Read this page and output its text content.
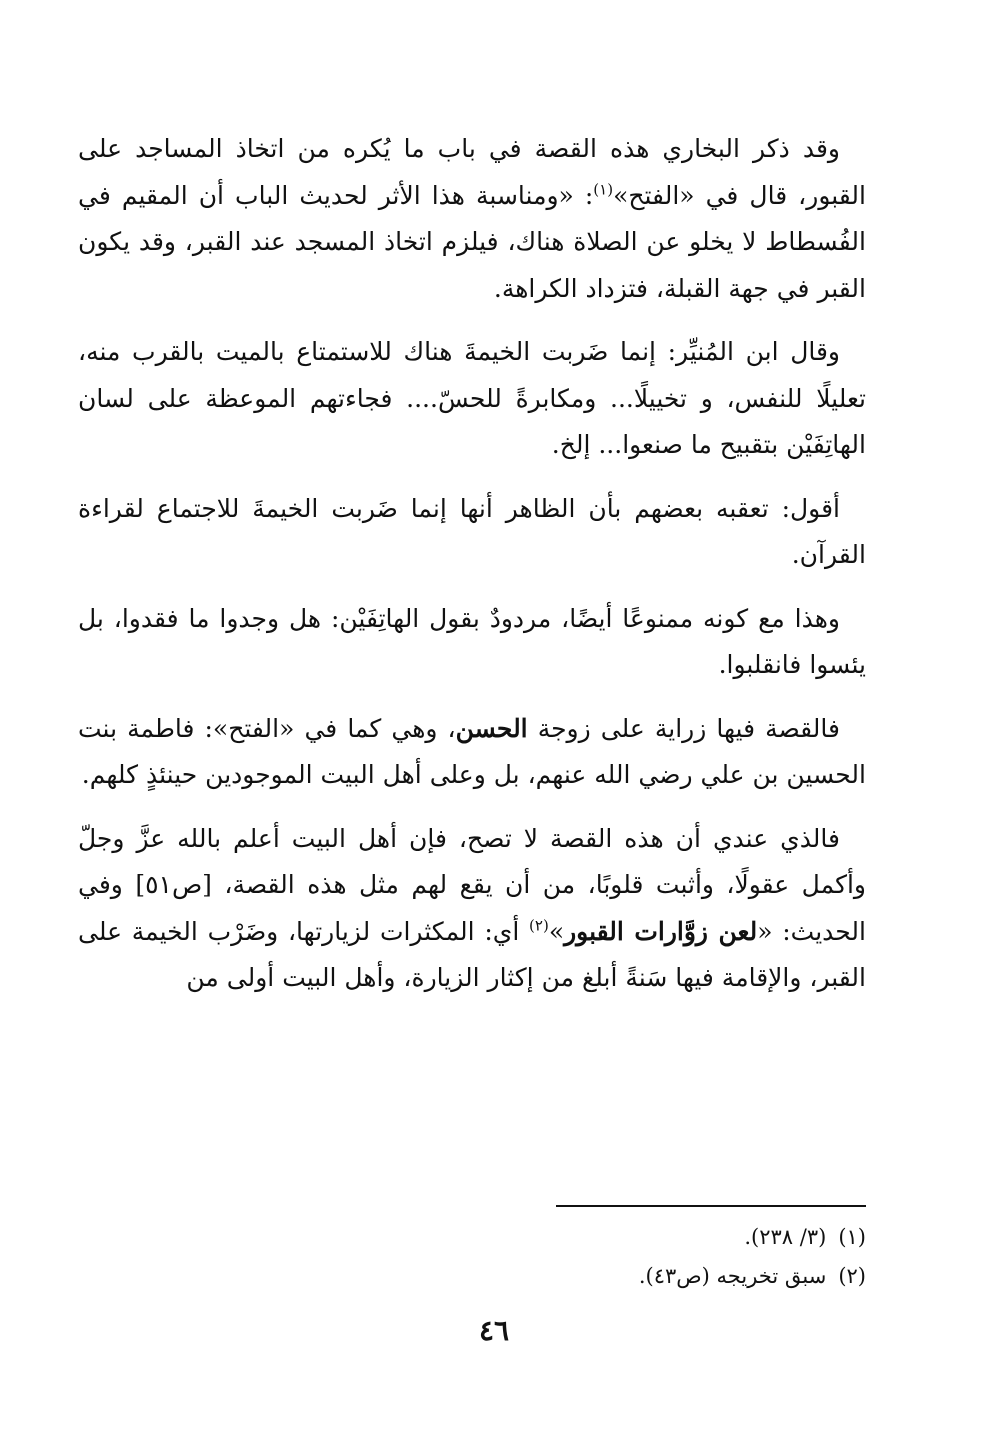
وقد ذكر البخاري هذه القصة في باب ما يُكره من اتخاذ المساجد على القبور، قال في «الفتح»$^{(١)}$: «ومناسبة هذا الأثر لحديث الباب أن المقيم في الفُسطاط لا يخلو عن الصلاة هناك، فيلزم اتخاذ المسجد عند القبر، وقد يكون القبر في جهة القبلة، فتزداد الكراهة.

وقال ابن المُنيِّر: إنما ضَربت الخيمةَ هناك للاستمتاع بالميت بالقرب منه، تعليلًا للنفس، و تخييلًا... ومكابرةً للحسّ.... فجاءتهم الموعظة على لسان الهاتِفَيْن بتقبيح ما صنعوا... إلخ.

أقول: تعقبه بعضهم بأن الظاهر أنها إنما ضَربت الخيمةَ للاجتماع لقراءة القرآن.

وهذا مع كونه ممنوعًا أيضًا، مردودٌ بقول الهاتِفَيْن: هل وجدوا ما فقدوا، بل يئسوا فانقلبوا.

فالقصة فيها زراية على زوجة الحسن، وهي كما في «الفتح»: فاطمة بنت الحسين بن علي رضي الله عنهم، بل وعلى أهل البيت الموجودين حينئذٍ كلهم.

فالذي عندي أن هذه القصة لا تصح، فإن أهل البيت أعلم بالله عزَّ وجلّ وأكمل عقولًا، وأثبت قلوبًا، من أن يقع لهم مثل هذه القصة، [ص٥١] وفي الحديث: «لعن زوَّارات القبور»$^{(٢)}$ أي: المكثرات لزيارتها، وضَرْب الخيمة على القبر، والإقامة فيها سَنةً أبلغ من إكثار الزيارة، وأهل البيت أولى من

(١)(٣/ ٢٣٨).

(٢)سبق تخريجه (ص٤٣).

٤٦
